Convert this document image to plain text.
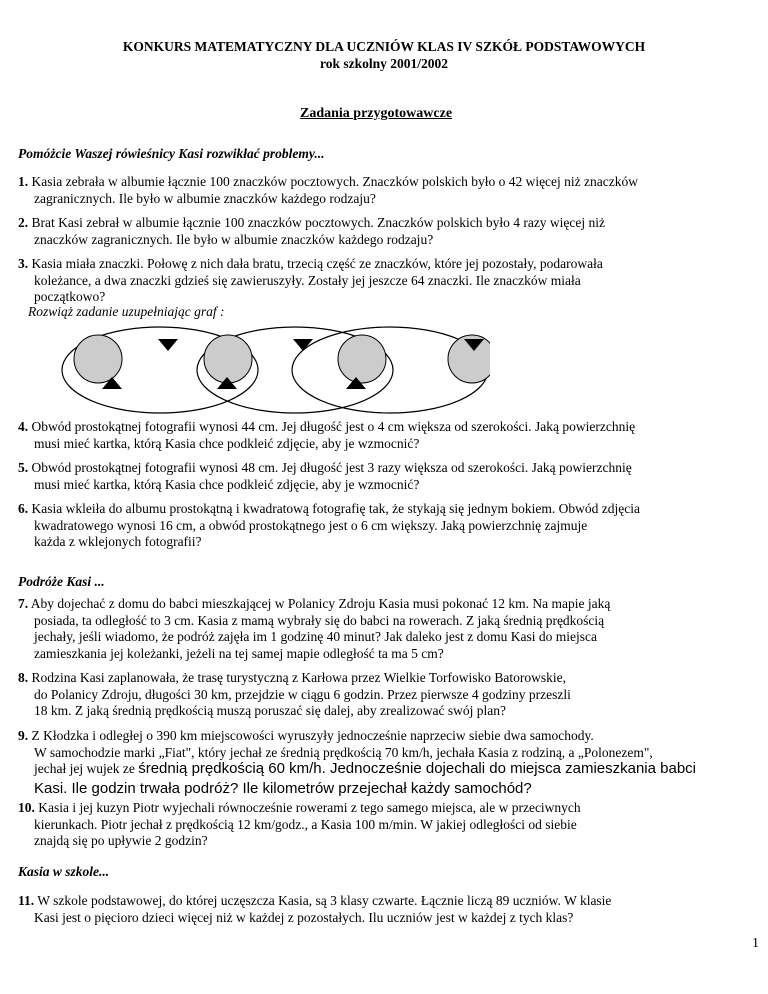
KONKURS MATEMATYCZNY DLA UCZNIÓW KLAS IV SZKÓŁ PODSTAWOWYCH
rok szkolny 2001/2002
Zadania przygotowawcze
Pomóżcie Waszej rówieśnicy Kasi rozwikłać problemy...
1. Kasia zebrała w albumie łącznie 100 znaczków pocztowych. Znaczków polskich było o 42 więcej niż znaczków
zagranicznych. Ile było w albumie znaczków każdego rodzaju?
2. Brat Kasi zebrał w albumie łącznie 100 znaczków pocztowych. Znaczków polskich było 4 razy więcej niż
znaczków zagranicznych. Ile było w albumie znaczków każdego rodzaju?
3. Kasia miała znaczki. Połowę z nich dała bratu, trzecią część ze znaczków, które jej pozostały, podarowała
koleżance, a dwa znaczki gdzieś się zawieruszyły. Zostały jej jeszcze 64 znaczki. Ile znaczków miała
początkowo?
Rozwiąż zadanie uzupełniając graf :
4. Obwód prostokątnej fotografii wynosi 44 cm. Jej długość jest o 4 cm większa od szerokości. Jaką powierzchnię
musi mieć kartka, którą Kasia chce podkleić zdjęcie, aby je wzmocnić?
5. Obwód prostokątnej fotografii wynosi 48 cm. Jej długość jest 3 razy większa od szerokości. Jaką powierzchnię
musi mieć kartka, którą Kasia chce podkleić zdjęcie, aby je wzmocnić?
6. Kasia wkleiła do albumu prostokątną i kwadratową fotografię tak, że stykają się jednym bokiem. Obwód zdjęcia
kwadratowego wynosi 16 cm, a obwód prostokątnego jest o 6 cm większy. Jaką powierzchnię zajmuje
każda z wklejonych fotografii?
Podróże Kasi ...
7. Aby dojechać z domu do babci mieszkającej w Polanicy Zdroju Kasia musi pokonać 12 km. Na mapie jaką
posiada, ta odległość to 3 cm. Kasia z mamą wybrały się do babci na rowerach. Z jaką średnią prędkością
jechały, jeśli wiadomo, że podróż zajęła im 1 godzinę 40 minut? Jak daleko jest z domu Kasi do miejsca
zamieszkania jej koleżanki, jeżeli na tej samej mapie odległość ta ma 5 cm?
8. Rodzina Kasi zaplanowała, że trasę turystyczną z Karłowa przez Wielkie Torfowisko Batorowskie,
do Polanicy Zdroju, długości 30 km, przejdzie w ciągu 6 godzin. Przez pierwsze 4 godziny przeszli
18 km. Z jaką średnią prędkością muszą poruszać się dalej, aby zrealizować swój plan?
9. Z Kłodzka i odległej o 390 km miejscowości wyruszyły jednocześnie naprzeciw siebie dwa samochody.
W samochodzie marki „Fiat", który jechał ze średnią prędkością 70 km/h, jechała Kasia z rodziną, a „Polonezem",
jechał jej wujek ze średnią prędkością 60 km/h. Jednocześnie dojechali do miejsca zamieszkania babci
Kasi. Ile godzin trwała podróż? Ile kilometrów przejechał każdy samochód?
10. Kasia i jej kuzyn Piotr wyjechali równocześnie rowerami z tego samego miejsca, ale w przeciwnych
kierunkach. Piotr jechał z prędkością 12 km/godz., a Kasia 100 m/min. W jakiej odległości od siebie
znajdą się po upływie 2 godzin?
Kasia w szkole...
11. W szkole podstawowej, do której uczęszcza Kasia, są 3 klasy czwarte. Łącznie liczą 89 uczniów. W klasie
Kasi jest o pięcioro dzieci więcej niż w każdej z pozostałych. Ilu uczniów jest w każdej z tych klas?
1
